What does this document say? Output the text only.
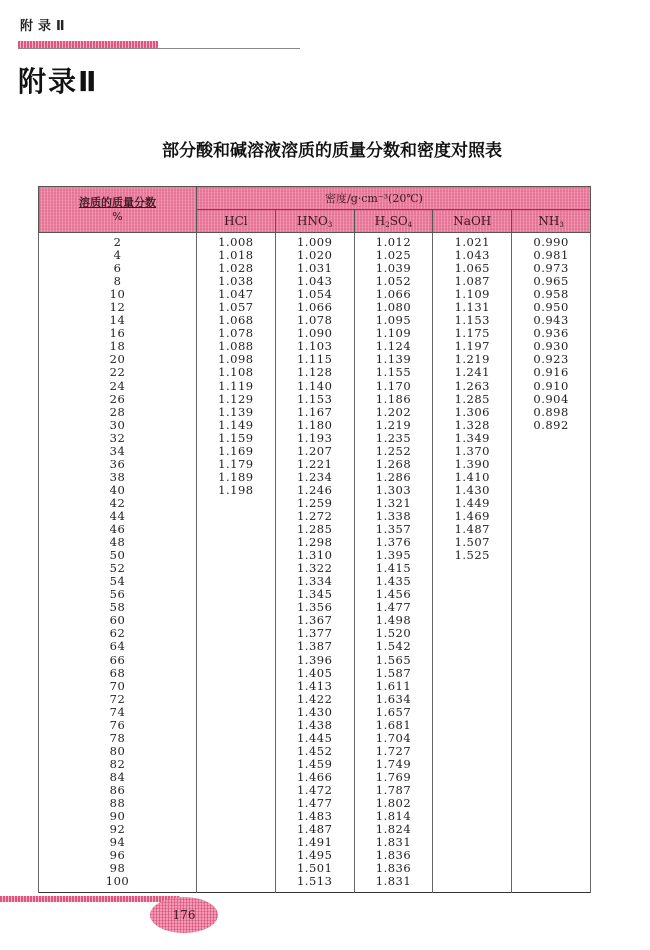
附录Ⅱ
附录Ⅱ
部分酸和碱溶液溶质的质量分数和密度对照表
溶质的质量分数
%	密度/g·cm⁻³(20℃)				
	HCl	$HNO_3$	$H_2SO_4$	NaOH	$NH_3$
2	1.008	1.009	1.012	1.021	0.990
4	1.018	1.020	1.025	1.043	0.981
6	1.028	1.031	1.039	1.065	0.973
8	1.038	1.043	1.052	1.087	0.965
10	1.047	1.054	1.066	1.109	0.958
12	1.057	1.066	1.080	1.131	0.950
14	1.068	1.078	1.095	1.153	0.943
16	1.078	1.090	1.109	1.175	0.936
18	1.088	1.103	1.124	1.197	0.930
20	1.098	1.115	1.139	1.219	0.923
22	1.108	1.128	1.155	1.241	0.916
24	1.119	1.140	1.170	1.263	0.910
26	1.129	1.153	1.186	1.285	0.904
28	1.139	1.167	1.202	1.306	0.898
30	1.149	1.180	1.219	1.328	0.892
32	1.159	1.193	1.235	1.349	
34	1.169	1.207	1.252	1.370	
36	1.179	1.221	1.268	1.390	
38	1.189	1.234	1.286	1.410	
40	1.198	1.246	1.303	1.430	
42		1.259	1.321	1.449	
44		1.272	1.338	1.469	
46		1.285	1.357	1.487	
48		1.298	1.376	1.507	
50		1.310	1.395	1.525	
52		1.322	1.415		
54		1.334	1.435		
56		1.345	1.456		
58		1.356	1.477		
60		1.367	1.498		
62		1.377	1.520		
64		1.387	1.542		
66		1.396	1.565		
68		1.405	1.587		
70		1.413	1.611		
72		1.422	1.634		
74		1.430	1.657		
76		1.438	1.681		
78		1.445	1.704		
80		1.452	1.727		
82		1.459	1.749		
84		1.466	1.769		
86		1.472	1.787		
88		1.477	1.802		
90		1.483	1.814		
92		1.487	1.824		
94		1.491	1.831		
96		1.495	1.836		
98		1.501	1.836		
100		1.513	1.831		
176
